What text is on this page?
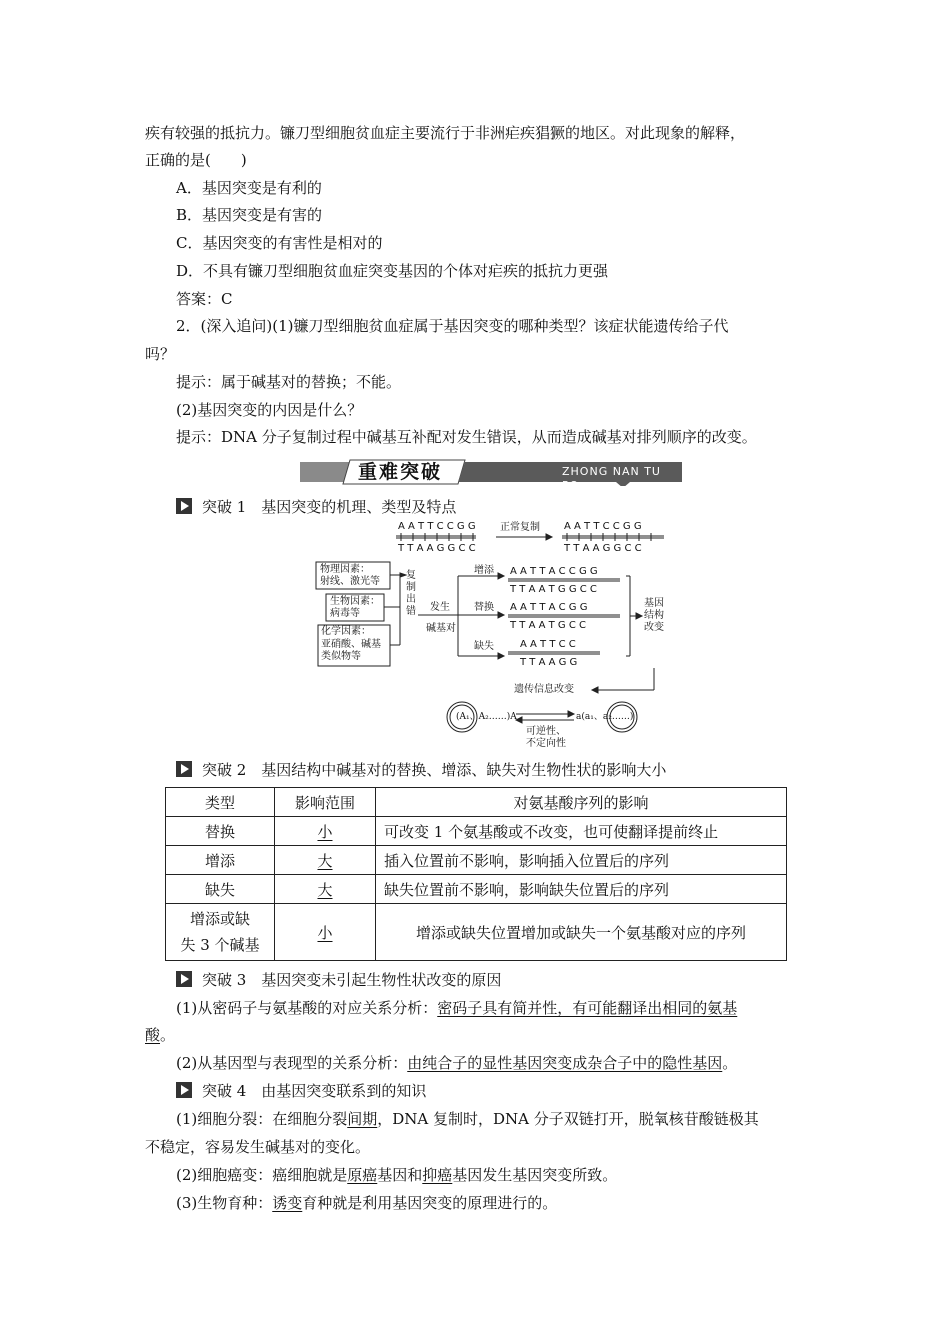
疾有较强的抵抗力。镰刀型细胞贫血症主要流行于非洲疟疾猖獗的地区。对此现象的解释，
正确的是(　　)
A．基因突变是有利的
B．基因突变是有害的
C．基因突变的有害性是相对的
D．不具有镰刀型细胞贫血症突变基因的个体对疟疾的抵抗力更强
答案：C
2．(深入追问)(1)镰刀型细胞贫血症属于基因突变的哪种类型？该症状能遗传给子代
吗？
提示：属于碱基对的替换；不能。
(2)基因突变的内因是什么？
提示：DNA 分子复制过程中碱基互补配对发生错误，从而造成碱基对排列顺序的改变。
重难突破	ZHONG NAN TU PO
突破 1　基因突变的机理、类型及特点
A A T T C C G G
T T A A G G C C
正常复制 A A T T C C G G
T T A A G G C C
物理因素：
射线、激光等
生物因素：
病毒等
化学因素：
亚硝酸、碱基
类似物等
复
制
出
错 发生
碱基对
增添 A A T T A C C G G
T T A A T G G C C
替换 A A T T A C G G
T T A A T G C C
缺失	A A T T C C
T T A A G G
基因
结构
改变
遗传信息改变
(A₁、A₂……)A	a(a₁、a₂……)
可逆性、
不定向性
突破 2　基因结构中碱基对的替换、增添、缺失对生物性状的影响大小
类型	影响范围	对氨基酸序列的影响
替换	小	可改变 1 个氨基酸或不改变，也可使翻译提前终止
增添	大	插入位置前不影响，影响插入位置后的序列
缺失	大	缺失位置前不影响，影响缺失位置后的序列

增添或缺
失 3 个碱基	小	增添或缺失位置增加或缺失一个氨基酸对应的序列
突破 3　基因突变未引起生物性状改变的原因
(1)从密码子与氨基酸的对应关系分析：密码子具有简并性，有可能翻译出相同的氨基
酸。
(2)从基因型与表现型的关系分析：由纯合子的显性基因突变成杂合子中的隐性基因。
突破 4　由基因突变联系到的知识
(1)细胞分裂：在细胞分裂间期，DNA 复制时，DNA 分子双链打开，脱氧核苷酸链极其
不稳定，容易发生碱基对的变化。
(2)细胞癌变：癌细胞就是原癌基因和抑癌基因发生基因突变所致。
(3)生物育种：诱变育种就是利用基因突变的原理进行的。
